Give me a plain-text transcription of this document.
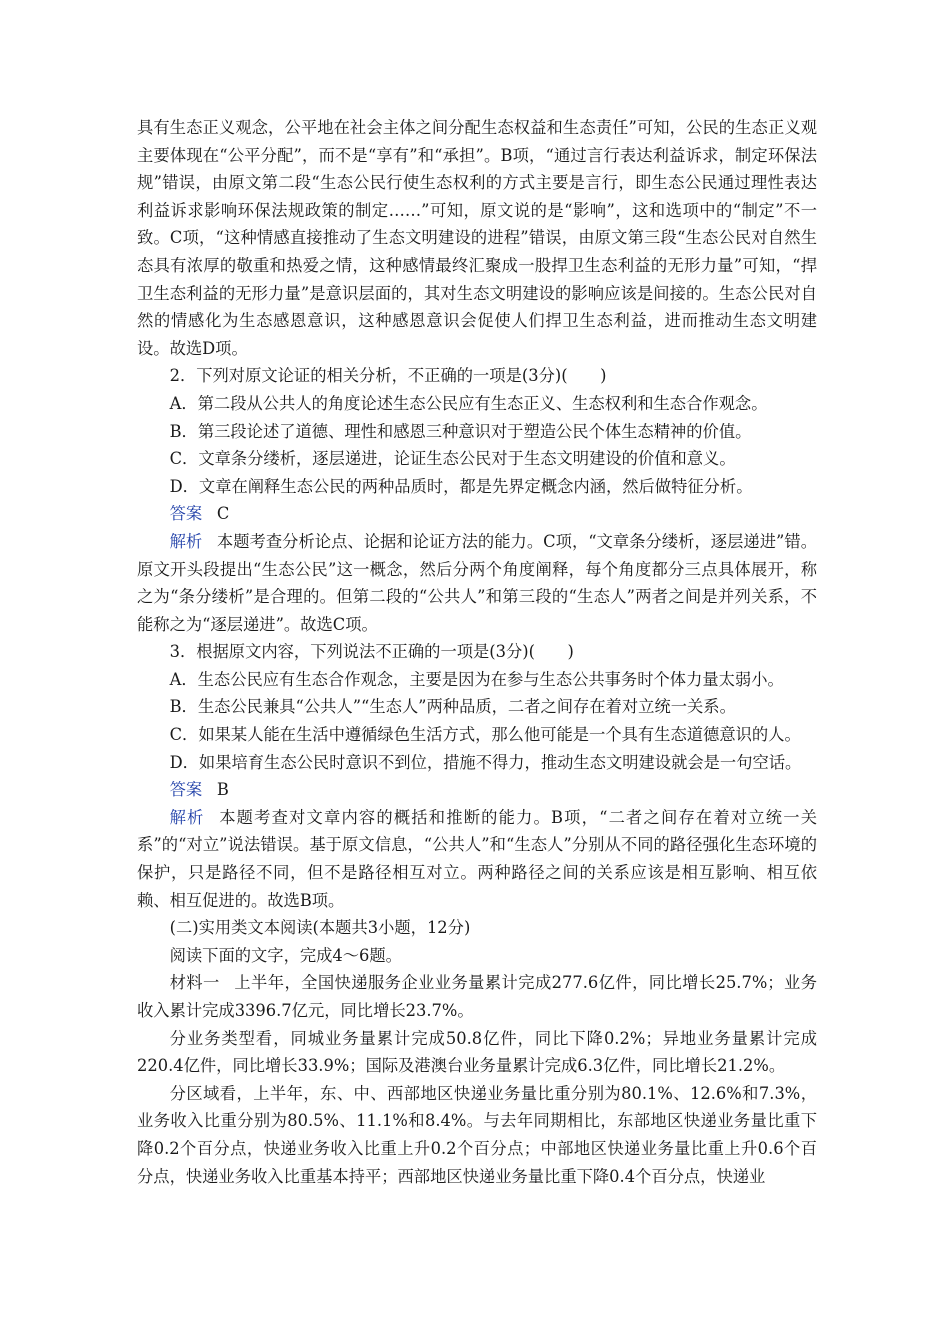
具有生态正义观念，公平地在社会主体之间分配生态权益和生态责任”可知，公民的生态正义观主要体现在“公平分配”，而不是“享有”和“承担”。B项，“通过言行表达利益诉求，制定环保法规”错误，由原文第二段“生态公民行使生态权利的方式主要是言行，即生态公民通过理性表达利益诉求影响环保法规政策的制定……”可知，原文说的是“影响”，这和选项中的“制定”不一致。C项，“这种情感直接推动了生态文明建设的进程”错误，由原文第三段“生态公民对自然生态具有浓厚的敬重和热爱之情，这种感情最终汇聚成一股捍卫生态利益的无形力量”可知，“捍卫生态利益的无形力量”是意识层面的，其对生态文明建设的影响应该是间接的。生态公民对自然的情感化为生态感恩意识，这种感恩意识会促使人们捍卫生态利益，进而推动生态文明建设。故选D项。

2．下列对原文论证的相关分析，不正确的一项是(3分)(　　)

A．第二段从公共人的角度论述生态公民应有生态正义、生态权利和生态合作观念。

B．第三段论述了道德、理性和感恩三种意识对于塑造公民个体生态精神的价值。

C．文章条分缕析，逐层递进，论证生态公民对于生态文明建设的价值和意义。

D．文章在阐释生态公民的两种品质时，都是先界定概念内涵，然后做特征分析。

答案 C

解析 本题考查分析论点、论据和论证方法的能力。C项，“文章条分缕析，逐层递进”错。原文开头段提出“生态公民”这一概念，然后分两个角度阐释，每个角度都分三点具体展开，称之为“条分缕析”是合理的。但第二段的“公共人”和第三段的“生态人”两者之间是并列关系，不能称之为“逐层递进”。故选C项。

3．根据原文内容，下列说法不正确的一项是(3分)(　　)

A．生态公民应有生态合作观念，主要是因为在参与生态公共事务时个体力量太弱小。

B．生态公民兼具“公共人”“生态人”两种品质，二者之间存在着对立统一关系。

C．如果某人能在生活中遵循绿色生活方式，那么他可能是一个具有生态道德意识的人。

D．如果培育生态公民时意识不到位，措施不得力，推动生态文明建设就会是一句空话。

答案 B

解析 本题考查对文章内容的概括和推断的能力。B项，“二者之间存在着对立统一关系”的“对立”说法错误。基于原文信息，“公共人”和“生态人”分别从不同的路径强化生态环境的保护，只是路径不同，但不是路径相互对立。两种路径之间的关系应该是相互影响、相互依赖、相互促进的。故选B项。

(二)实用类文本阅读(本题共3小题，12分)

阅读下面的文字，完成4～6题。

材料一 上半年，全国快递服务企业业务量累计完成277.6亿件，同比增长25.7%；业务收入累计完成3396.7亿元，同比增长23.7%。

分业务类型看，同城业务量累计完成50.8亿件，同比下降0.2%；异地业务量累计完成220.4亿件，同比增长33.9%；国际及港澳台业务量累计完成6.3亿件，同比增长21.2%。

分区域看，上半年，东、中、西部地区快递业务量比重分别为80.1%、12.6%和7.3%，业务收入比重分别为80.5%、11.1%和8.4%。与去年同期相比，东部地区快递业务量比重下降0.2个百分点，快递业务收入比重上升0.2个百分点；中部地区快递业务量比重上升0.6个百分点，快递业务收入比重基本持平；西部地区快递业务量比重下降0.4个百分点，快递业
